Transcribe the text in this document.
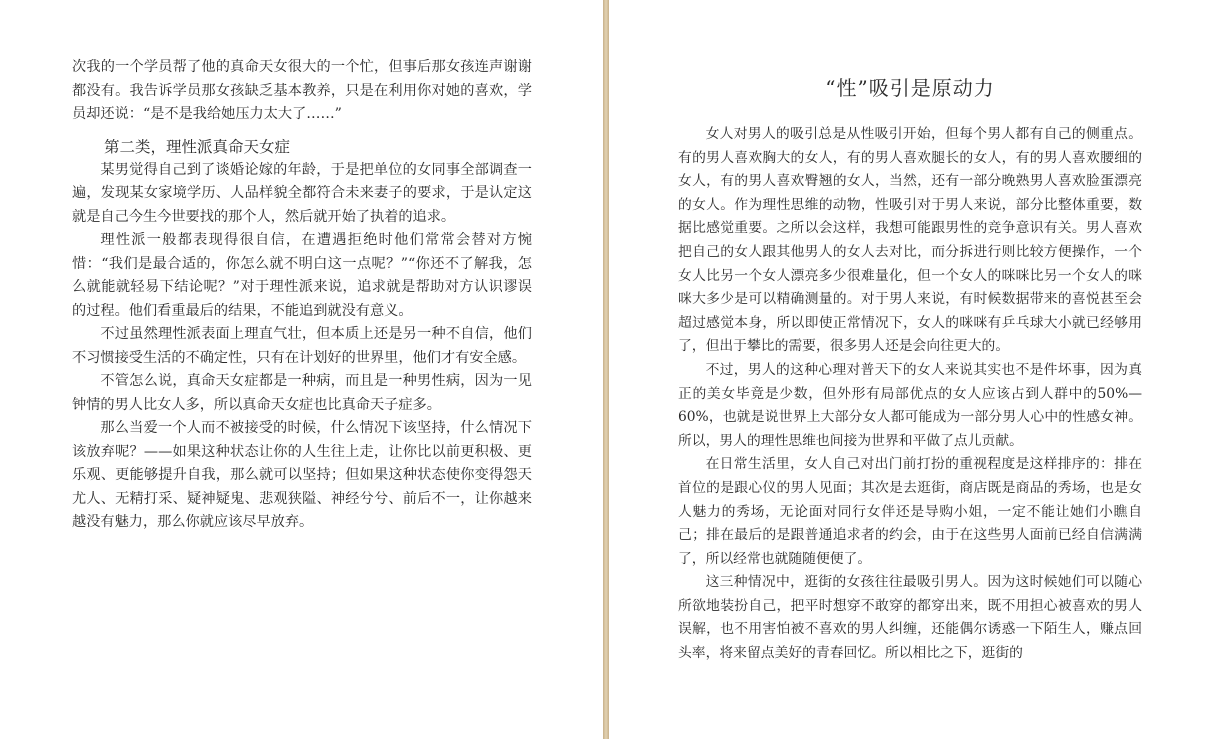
次我的一个学员帮了他的真命天女很大的一个忙，但事后那女孩连声谢谢都没有。我告诉学员那女孩缺乏基本教养，只是在利用你对她的喜欢，学员却还说：“是不是我给她压力太大了……”

第二类，理性派真命天女症

某男觉得自己到了谈婚论嫁的年龄，于是把单位的女同事全部调查一遍，发现某女家境学历、人品样貌全都符合未来妻子的要求，于是认定这就是自己今生今世要找的那个人，然后就开始了执着的追求。

理性派一般都表现得很自信，在遭遇拒绝时他们常常会替对方惋惜：“我们是最合适的，你怎么就不明白这一点呢？”“你还不了解我，怎么就能就轻易下结论呢？”对于理性派来说，追求就是帮助对方认识谬误的过程。他们看重最后的结果，不能追到就没有意义。

不过虽然理性派表面上理直气壮，但本质上还是另一种不自信，他们不习惯接受生活的不确定性，只有在计划好的世界里，他们才有安全感。

不管怎么说，真命天女症都是一种病，而且是一种男性病，因为一见钟情的男人比女人多，所以真命天女症也比真命天子症多。

那么当爱一个人而不被接受的时候，什么情况下该坚持，什么情况下该放弃呢？——如果这种状态让你的人生往上走，让你比以前更积极、更乐观、更能够提升自我，那么就可以坚持；但如果这种状态使你变得怨天尤人、无精打采、疑神疑鬼、悲观狭隘、神经兮兮、前后不一，让你越来越没有魅力，那么你就应该尽早放弃。

“性”吸引是原动力

女人对男人的吸引总是从性吸引开始，但每个男人都有自己的侧重点。有的男人喜欢胸大的女人，有的男人喜欢腿长的女人，有的男人喜欢腰细的女人，有的男人喜欢臀翘的女人，当然，还有一部分晚熟男人喜欢脸蛋漂亮的女人。作为理性思维的动物，性吸引对于男人来说，部分比整体重要，数据比感觉重要。之所以会这样，我想可能跟男性的竞争意识有关。男人喜欢把自己的女人跟其他男人的女人去对比，而分拆进行则比较方便操作，一个女人比另一个女人漂亮多少很难量化，但一个女人的咪咪比另一个女人的咪咪大多少是可以精确测量的。对于男人来说，有时候数据带来的喜悦甚至会超过感觉本身，所以即使正常情况下，女人的咪咪有乒乓球大小就已经够用了，但出于攀比的需要，很多男人还是会向往更大的。

不过，男人的这种心理对普天下的女人来说其实也不是件坏事，因为真正的美女毕竟是少数，但外形有局部优点的女人应该占到人群中的50%—60%，也就是说世界上大部分女人都可能成为一部分男人心中的性感女神。所以，男人的理性思维也间接为世界和平做了点儿贡献。

在日常生活里，女人自己对出门前打扮的重视程度是这样排序的：排在首位的是跟心仪的男人见面；其次是去逛街，商店既是商品的秀场，也是女人魅力的秀场，无论面对同行女伴还是导购小姐，一定不能让她们小瞧自己；排在最后的是跟普通追求者的约会，由于在这些男人面前已经自信满满了，所以经常也就随随便便了。

这三种情况中，逛街的女孩往往最吸引男人。因为这时候她们可以随心所欲地装扮自己，把平时想穿不敢穿的都穿出来，既不用担心被喜欢的男人误解，也不用害怕被不喜欢的男人纠缠，还能偶尔诱惑一下陌生人，赚点回头率，将来留点美好的青春回忆。所以相比之下，逛街的
